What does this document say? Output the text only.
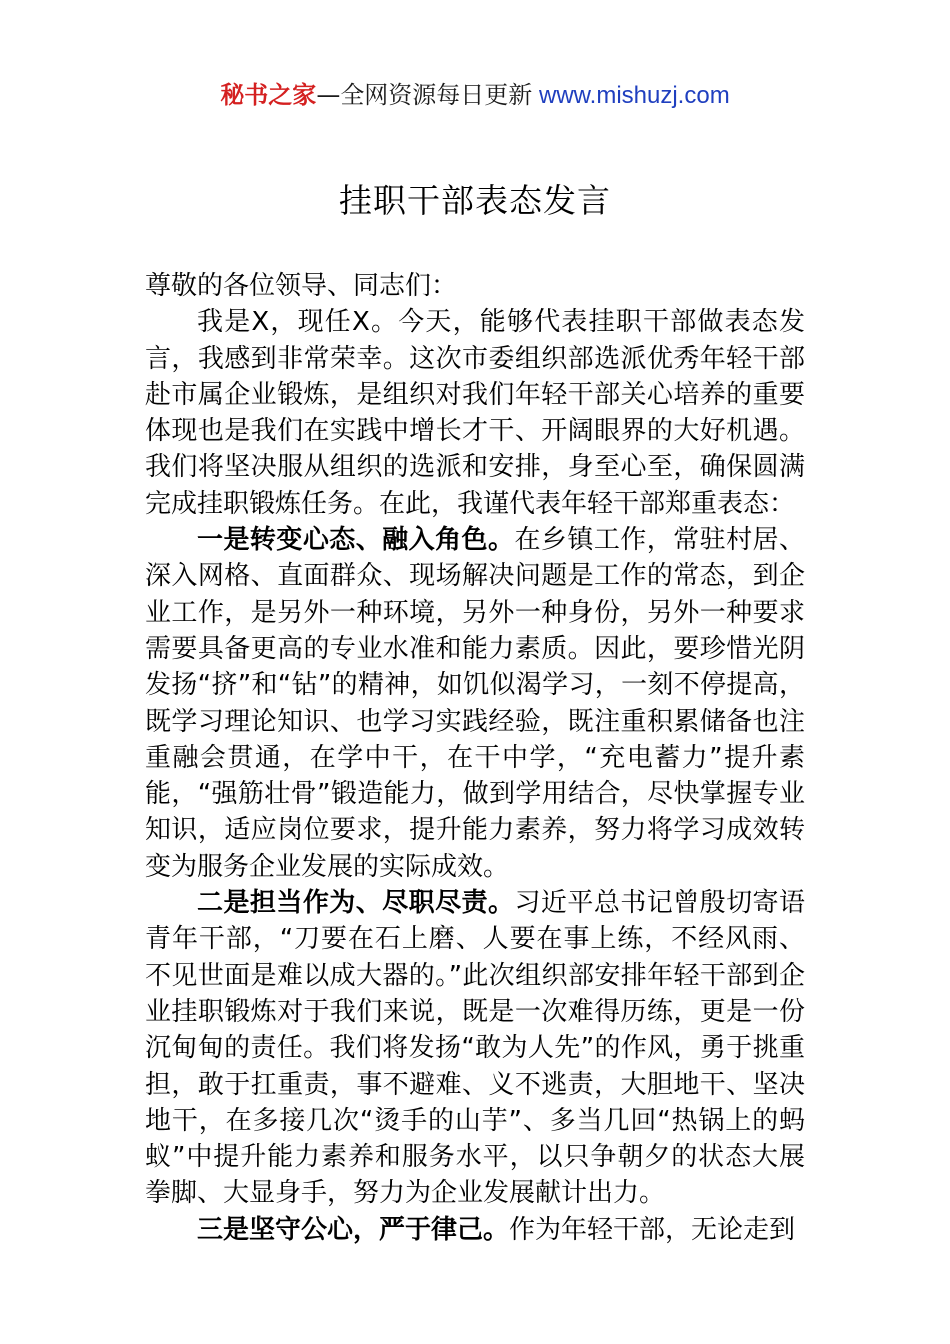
秘书之家—全网资源每日更新 www.mishuzj.com
挂职干部表态发言

尊敬的各位领导、同志们：

我是X，现任X。今天，能够代表挂职干部做表态发言，我感到非常荣幸。这次市委组织部选派优秀年轻干部赴市属企业锻炼，是组织对我们年轻干部关心培养的重要体现也是我们在实践中增长才干、开阔眼界的大好机遇。我们将坚决服从组织的选派和安排，身至心至，确保圆满完成挂职锻炼任务。在此，我谨代表年轻干部郑重表态：

一是转变心态、融入角色。在乡镇工作，常驻村居、深入网格、直面群众、现场解决问题是工作的常态，到企业工作，是另外一种环境，另外一种身份，另外一种要求需要具备更高的专业水准和能力素质。因此，要珍惜光阴发扬“挤”和“钻”的精神，如饥似渴学习，一刻不停提高，既学习理论知识、也学习实践经验，既注重积累储备也注重融会贯通，在学中干，在干中学，“充电蓄力”提升素能，“强筋壮骨”锻造能力，做到学用结合，尽快掌握专业知识，适应岗位要求，提升能力素养，努力将学习成效转变为服务企业发展的实际成效。

二是担当作为、尽职尽责。习近平总书记曾殷切寄语青年干部，“刀要在石上磨、人要在事上练，不经风雨、不见世面是难以成大器的。”此次组织部安排年轻干部到企业挂职锻炼对于我们来说，既是一次难得历练，更是一份沉甸甸的责任。我们将发扬“敢为人先”的作风，勇于挑重担，敢于扛重责，事不避难、义不逃责，大胆地干、坚决地干，在多接几次“烫手的山芋”、多当几回“热锅上的蚂蚁”中提升能力素养和服务水平，以只争朝夕的状态大展拳脚、大显身手，努力为企业发展献计出力。

三是坚守公心，严于律己。作为年轻干部，无论走到
